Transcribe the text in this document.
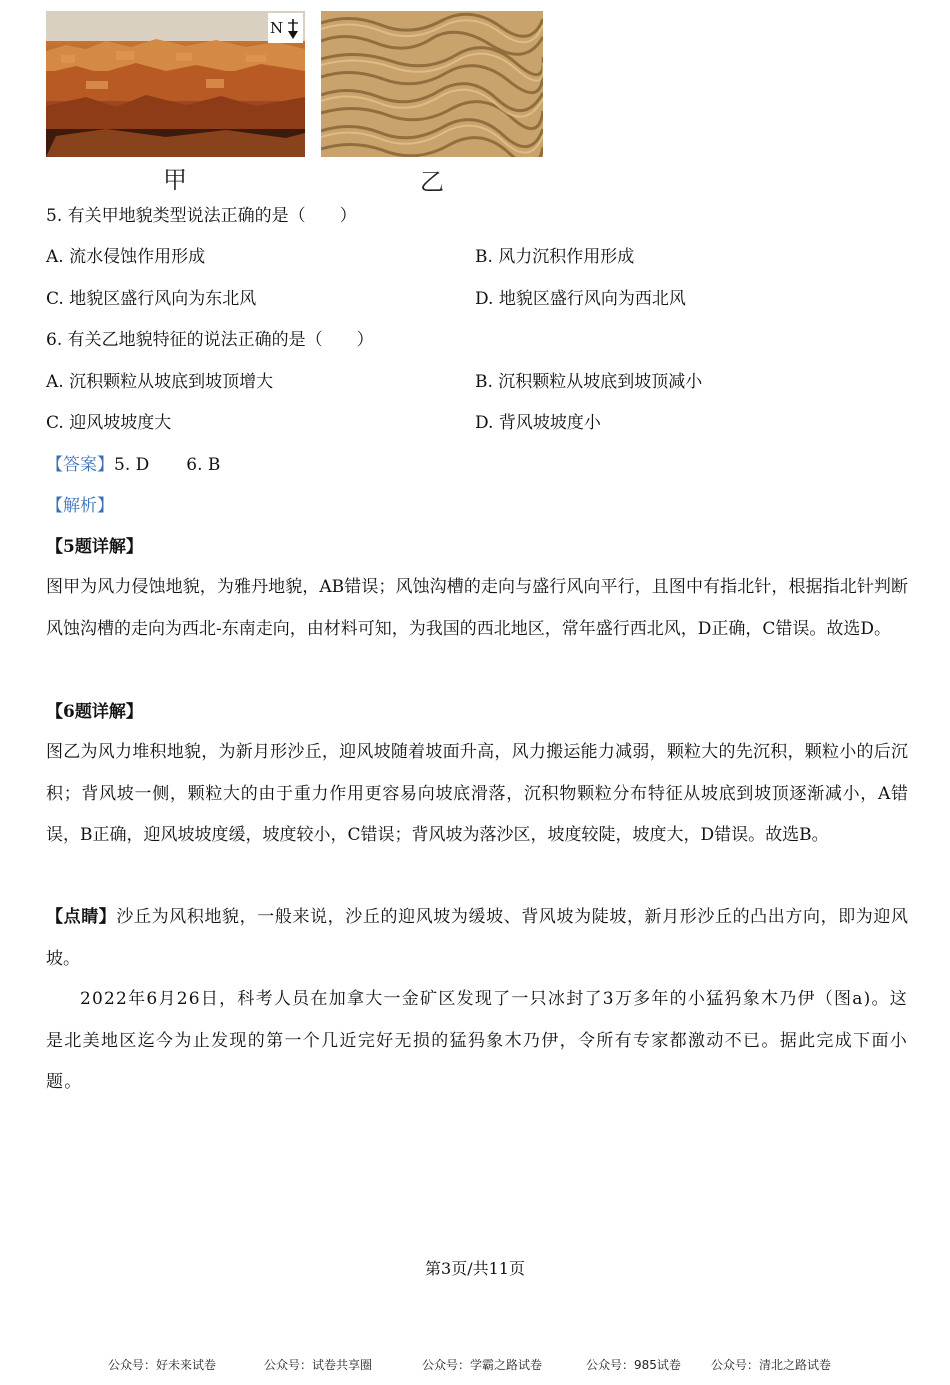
N
甲	乙
5. 有关甲地貌类型说法正确的是（　　）
A. 流水侵蚀作用形成	B. 风力沉积作用形成
C. 地貌区盛行风向为东北风	D. 地貌区盛行风向为西北风
6. 有关乙地貌特征的说法正确的是（　　）
A. 沉积颗粒从坡底到坡顶增大	B. 沉积颗粒从坡底到坡顶减小
C. 迎风坡坡度大	D. 背风坡坡度小
【答案】5. D 6. B
【解析】
【5题详解】
图甲为风力侵蚀地貌，为雅丹地貌，AB错误；风蚀沟槽的走向与盛行风向平行，且图中有指北针，根据指北针判断风蚀沟槽的走向为西北-东南走向，由材料可知，为我国的西北地区，常年盛行西北风，D正确，C错误。故选D。
【6题详解】
图乙为风力堆积地貌，为新月形沙丘，迎风坡随着坡面升高，风力搬运能力减弱，颗粒大的先沉积，颗粒小的后沉积；背风坡一侧，颗粒大的由于重力作用更容易向坡底滑落，沉积物颗粒分布特征从坡底到坡顶逐渐减小，A错误，B正确，迎风坡坡度缓，坡度较小，C错误；背风坡为落沙区，坡度较陡，坡度大，D错误。故选B。
【点睛】沙丘为风积地貌，一般来说，沙丘的迎风坡为缓坡、背风坡为陡坡，新月形沙丘的凸出方向，即为迎风坡。
2022年6月26日，科考人员在加拿大一金矿区发现了一只冰封了3万多年的小猛犸象木乃伊（图a)。这是北美地区迄今为止发现的第一个几近完好无损的猛犸象木乃伊，令所有专家都激动不已。据此完成下面小题。
第3页/共11页
公众号：好未来试卷	公众号：试卷共享圈	公众号：学霸之路试卷	公众号：985试卷	公众号：清北之路试卷
